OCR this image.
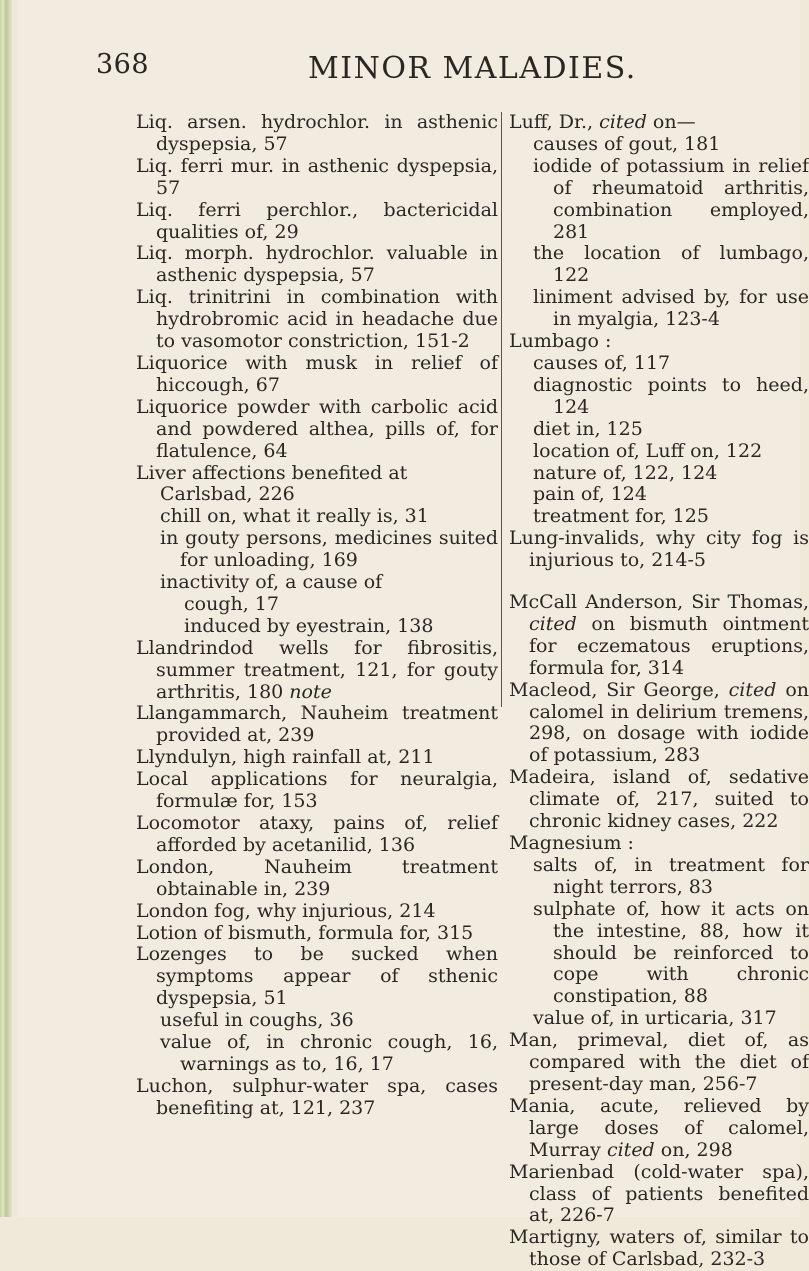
368	MINOR MALADIES.

Liq. arsen. hydrochlor. in asthenic dyspepsia, 57

Liq. ferri mur. in asthenic dyspepsia, 57

Liq. ferri perchlor., bactericidal qualities of, 29

Liq. morph. hydrochlor. valuable in asthenic dyspepsia, 57

Liq. trinitrini in combination with hydrobromic acid in headache due to vasomotor constriction, 151-2

Liquorice with musk in relief of hiccough, 67

Liquorice powder with carbolic acid and powdered althea, pills of, for flatulence, 64

Liver affections benefited at

Carlsbad, 226

chill on, what it really is, 31

in gouty persons, medicines suited for unloading, 169

inactivity of, a cause of

cough, 17

induced by eyestrain, 138

Llandrindod wells for fibrositis, summer treatment, 121, for gouty arthritis, 180 note

Llangammarch, Nauheim treatment provided at, 239

Llyndulyn, high rainfall at, 211

Local applications for neuralgia, formulæ for, 153

Locomotor ataxy, pains of, relief afforded by acetanilid, 136

London, Nauheim treatment obtainable in, 239

London fog, why injurious, 214

Lotion of bismuth, formula for, 315

Lozenges to be sucked when symptoms appear of sthenic dyspepsia, 51

useful in coughs, 36

value of, in chronic cough, 16, warnings as to, 16, 17

Luchon, sulphur-water spa, cases benefiting at, 121, 237

Luff, Dr., cited on—

causes of gout, 181

iodide of potassium in relief of rheumatoid arthritis, combination employed, 281

the location of lumbago, 122

liniment advised by, for use in myalgia, 123-4

Lumbago :

causes of, 117

diagnostic points to heed, 124

diet in, 125

location of, Luff on, 122

nature of, 122, 124

pain of, 124

treatment for, 125

Lung-invalids, why city fog is injurious to, 214-5

McCall Anderson, Sir Thomas, cited on bismuth ointment for eczematous eruptions, formula for, 314

Macleod, Sir George, cited on calomel in delirium tremens, 298, on dosage with iodide of potassium, 283

Madeira, island of, sedative climate of, 217, suited to chronic kidney cases, 222

Magnesium :

salts of, in treatment for night terrors, 83

sulphate of, how it acts on the intestine, 88, how it should be reinforced to cope with chronic constipation, 88

value of, in urticaria, 317

Man, primeval, diet of, as compared with the diet of present-day man, 256-7

Mania, acute, relieved by large doses of calomel, Murray cited on, 298

Marienbad (cold-water spa), class of patients benefited at, 226-7

Martigny, waters of, similar to those of Carlsbad, 232-3
